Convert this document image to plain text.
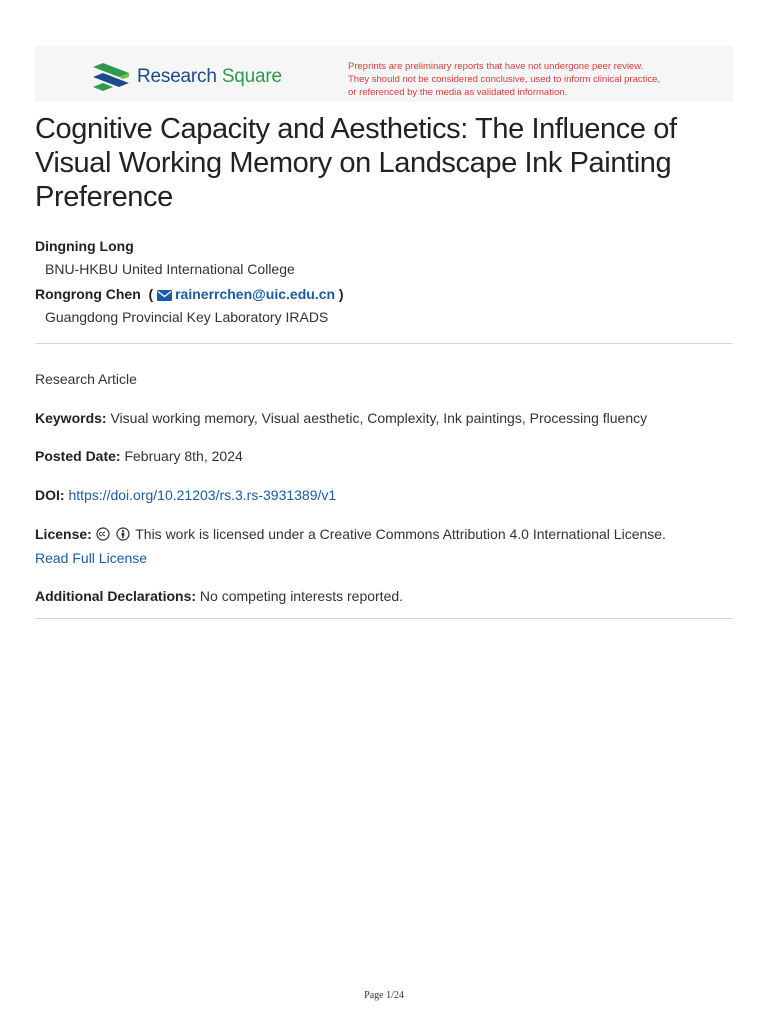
Research Square	Preprints are preliminary reports that have not undergone peer review.
They should not be considered conclusive, used to inform clinical practice,
or referenced by the media as validated information.
Cognitive Capacity and Aesthetics: The Influence of
Visual Working Memory on Landscape Ink Painting
Preference
Dingning Long
BNU-HKBU United International College
Rongrong Chen  ( rainerrchen@uic.edu.cn )
Guangdong Provincial Key Laboratory IRADS
Research Article
Keywords: Visual working memory, Visual aesthetic, Complexity, Ink paintings, Processing fluency
Posted Date: February 8th, 2024
DOI: https://doi.org/10.21203/rs.3.rs-3931389/v1
License:	This work is licensed under a Creative Commons Attribution 4.0 International License.
Read Full License
Additional Declarations: No competing interests reported.
Page 1/24
